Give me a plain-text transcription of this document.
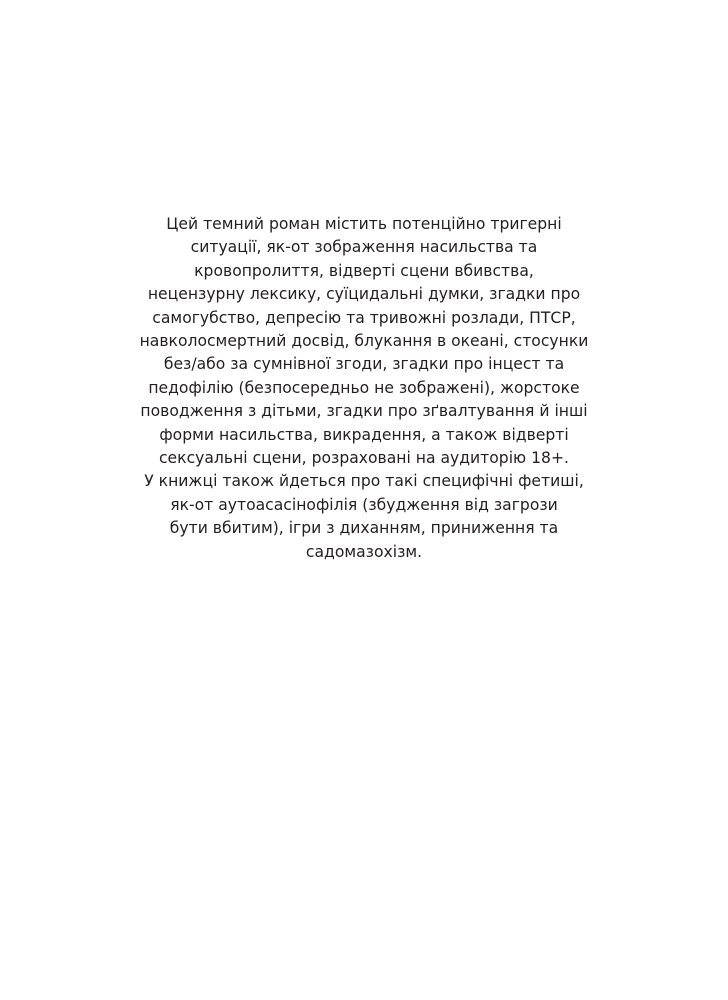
Цей темний роман містить потенційно тригерні
ситуації, як-от зображення насильства та
кровопролиття, відверті сцени вбивства,
нецензурну лексику, суїцидальні думки, згадки про
самогубство, депресію та тривожні розлади, ПТСР,
навколосмертний досвід, блукання в океані, стосунки
без/або за сумнівної згоди, згадки про інцест та
педофілію (безпосередньо не зображені), жорстоке
поводження з дітьми, згадки про зґвалтування й інші
форми насильства, викрадення, а також відверті
сексуальні сцени, розраховані на аудиторію 18+.
У книжці також йдеться про такі специфічні фетиші,
як-от аутоасасінофілія (збудження від загрози
бути вбитим), ігри з диханням, приниження та
садомазохізм.
